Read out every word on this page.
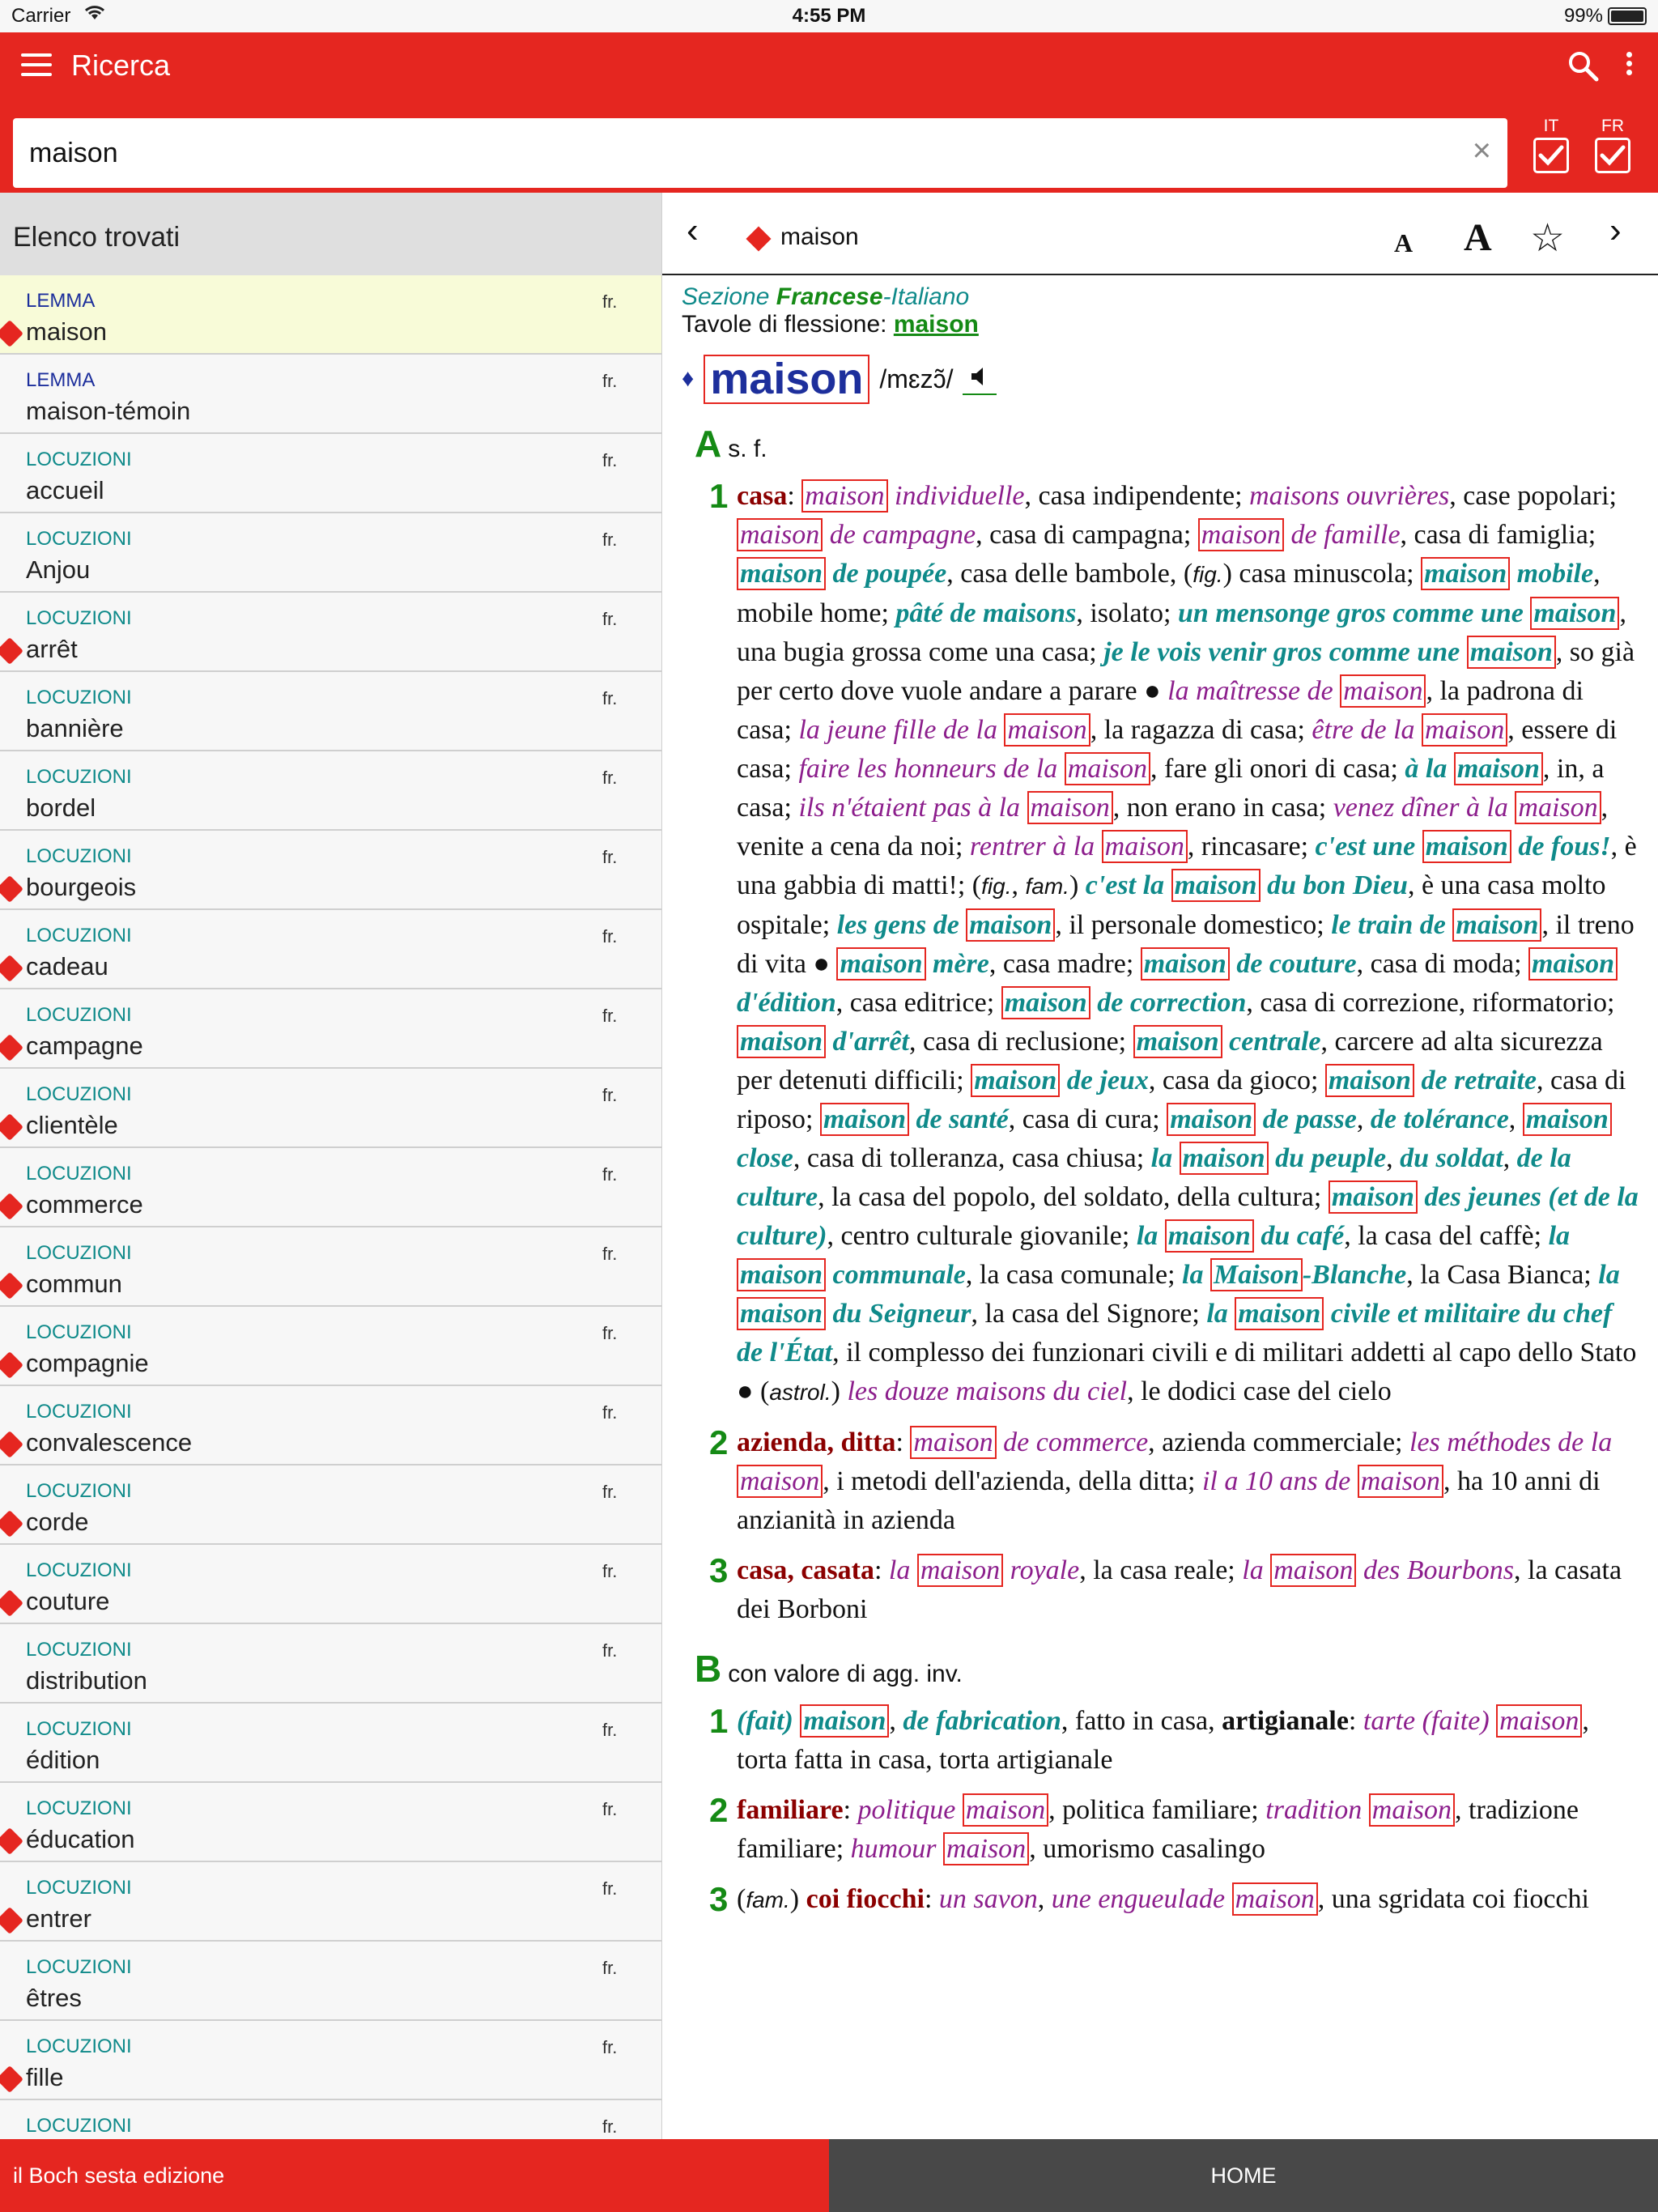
Carrier	4:55 PM	99%
Ricerca
maison	×
IT	FR
Elenco trovati
LEMMA
maison
fr.
LEMMA
maison-témoin
fr.
LOCUZIONI
accueil
fr.
LOCUZIONI
Anjou
fr.
LOCUZIONI
arrêt
fr.
LOCUZIONI
bannière
fr.
LOCUZIONI
bordel
fr.
LOCUZIONI
bourgeois
fr.
LOCUZIONI
cadeau
fr.
LOCUZIONI
campagne
fr.
LOCUZIONI
clientèle
fr.
LOCUZIONI
commerce
fr.
LOCUZIONI
commun
fr.
LOCUZIONI
compagnie
fr.
LOCUZIONI
convalescence
fr.
LOCUZIONI
corde
fr.
LOCUZIONI
couture
fr.
LOCUZIONI
distribution
fr.
LOCUZIONI
édition
fr.
LOCUZIONI
éducation
fr.
LOCUZIONI
entrer
fr.
LOCUZIONI
êtres
fr.
LOCUZIONI
fille
fr.
LOCUZIONI	fr.
‹	maison	A A ☆ ›
Sezione Francese-Italiano
Tavole di flessione: maison
♦ maison /mɛzɔ̃/
As. f.
1 casa: maison individuelle, casa indipendente; maisons ouvrières, case popolari; maison de campagne, casa di campagna; maison de famille, casa di famiglia; maison de poupée, casa delle bambole, (fig.) casa minuscola; maison mobile, mobile home; pâté de maisons, isolato; un mensonge gros comme une maison , una bugia grossa come una casa; je le vois venir gros comme une maison , so già per certo dove vuole andare a parare ● la maîtresse de maison , la padrona di casa; la jeune fille de la maison , la ragazza di casa; être de la maison , essere di casa; faire les honneurs de la maison , fare gli onori di casa; à la maison , in, a casa; ils n'étaient pas à la maison , non erano in casa; venez dîner à la maison , venite a cena da noi; rentrer à la maison , rincasare; c'est une maison de fous!, è una gabbia di matti!; (fig., fam.) c'est la maison du bon Dieu, è una casa molto ospitale; les gens de maison , il personale domestico; le train de maison , il treno di vita ● maison mère, casa madre; maison de couture, casa di moda; maison d'édition, casa editrice; maison de correction, casa di correzione, riformatorio; maison d'arrêt, casa di reclusione; maison centrale, carcere ad alta sicurezza per detenuti difficili; maison de jeux, casa da gioco; maison de retraite, casa di riposo; maison de santé, casa di cura; maison de passe, de tolérance, maison close, casa di tolleranza, casa chiusa; la maison du peuple, du soldat, de la culture, la casa del popolo, del soldato, della cultura; maison des jeunes (et de la culture), centro culturale giovanile; la maison du café, la casa del caffè; la maison communale, la casa comunale; la Maison -Blanche, la Casa Bianca; la maison du Seigneur, la casa del Signore; la maison civile et militaire du chef de l'État, il complesso dei funzionari civili e di militari addetti al capo dello Stato ● (astrol.) les douze maisons du ciel, le dodici case del cielo
2 azienda, ditta: maison de commerce, azienda commerciale; les méthodes de la maison , i metodi dell'azienda, della ditta; il a 10 ans de maison , ha 10 anni di anzianità in azienda
3 casa, casata: la maison royale, la casa reale; la maison des Bourbons, la casata dei Borboni
Bcon valore di agg. inv.
1 (fait) maison , de fabrication, fatto in casa, artigianale: tarte (faite) maison , torta fatta in casa, torta artigianale
2 familiare: politique maison , politica familiare; tradition maison , tradizione familiare; humour maison , umorismo casalingo
3 (fam.) coi fiocchi: un savon, une engueulade maison , una sgridata coi fiocchi
il Boch sesta edizione	HOME
